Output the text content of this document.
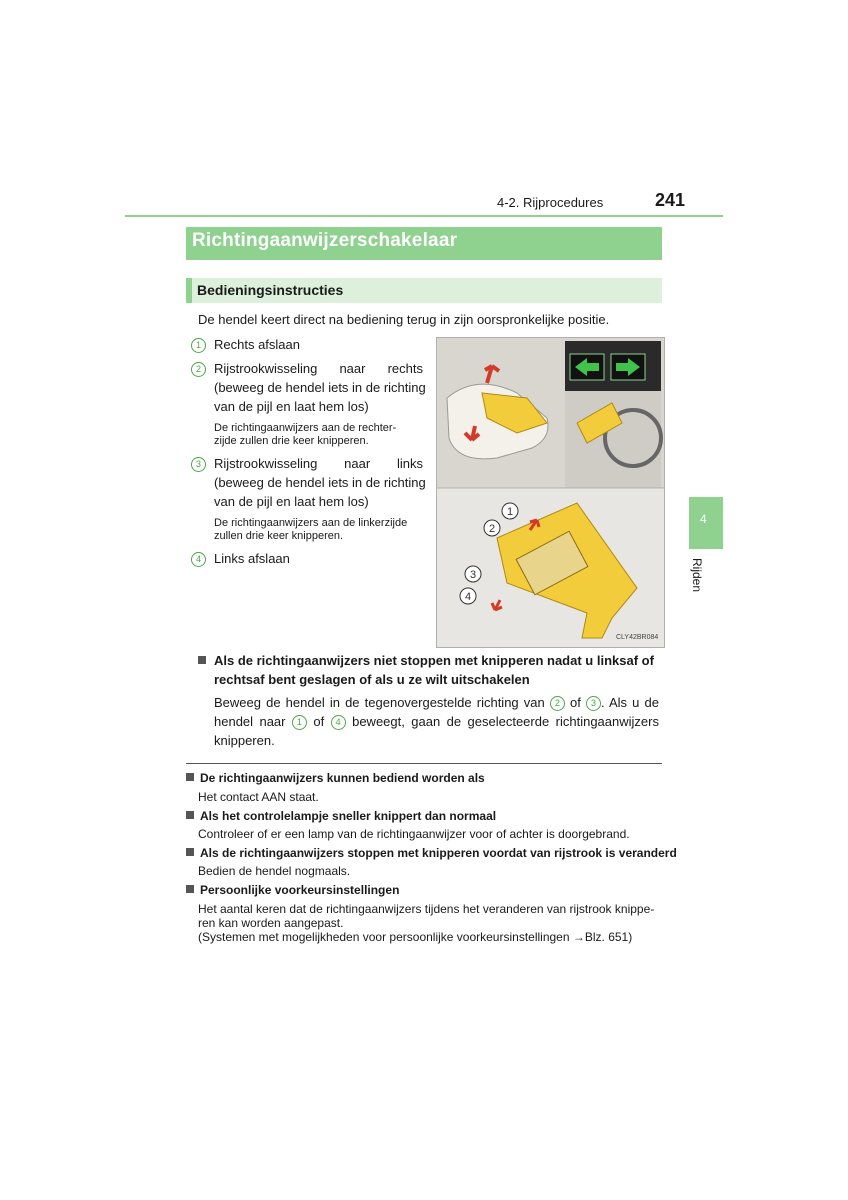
4-2. Rijprocedures	241
4
Rijden
Richtingaanwijzerschakelaar
Bedieningsinstructies
De hendel keert direct na bediening terug in zijn oorspronkelijke positie.
1	Rechts afslaan
2	Rijstrookwisseling naar rechts
(beweeg de hendel iets in de richting
van de pijl en laat hem los)
De richtingaanwijzers aan de rechter-
zijde zullen drie keer knipperen.
3	Rijstrookwisseling naar links
(beweeg de hendel iets in de richting
van de pijl en laat hem los)
De richtingaanwijzers aan de linkerzijde
zullen drie keer knipperen.
4	Links afslaan
1
2
3
4
CLY42BR084
Als de richtingaanwijzers niet stoppen met knipperen nadat u linksaf of rechtsaf bent geslagen of als u ze wilt uitschakelen
Beweeg de hendel in de tegenovergestelde richting van 2 of 3 . Als u de hendel naar 1 of 4 beweegt, gaan de geselecteerde richtingaanwijzers knipperen.
De richtingaanwijzers kunnen bediend worden als
Het contact AAN staat.
Als het controlelampje sneller knippert dan normaal
Controleer of er een lamp van de richtingaanwijzer voor of achter is doorgebrand.
Als de richtingaanwijzers stoppen met knipperen voordat van rijstrook is veranderd
Bedien de hendel nogmaals.
Persoonlijke voorkeursinstellingen
Het aantal keren dat de richtingaanwijzers tijdens het veranderen van rijstrook knippe-
ren kan worden aangepast.
(Systemen met mogelijkheden voor persoonlijke voorkeursinstellingen →Blz. 651)
